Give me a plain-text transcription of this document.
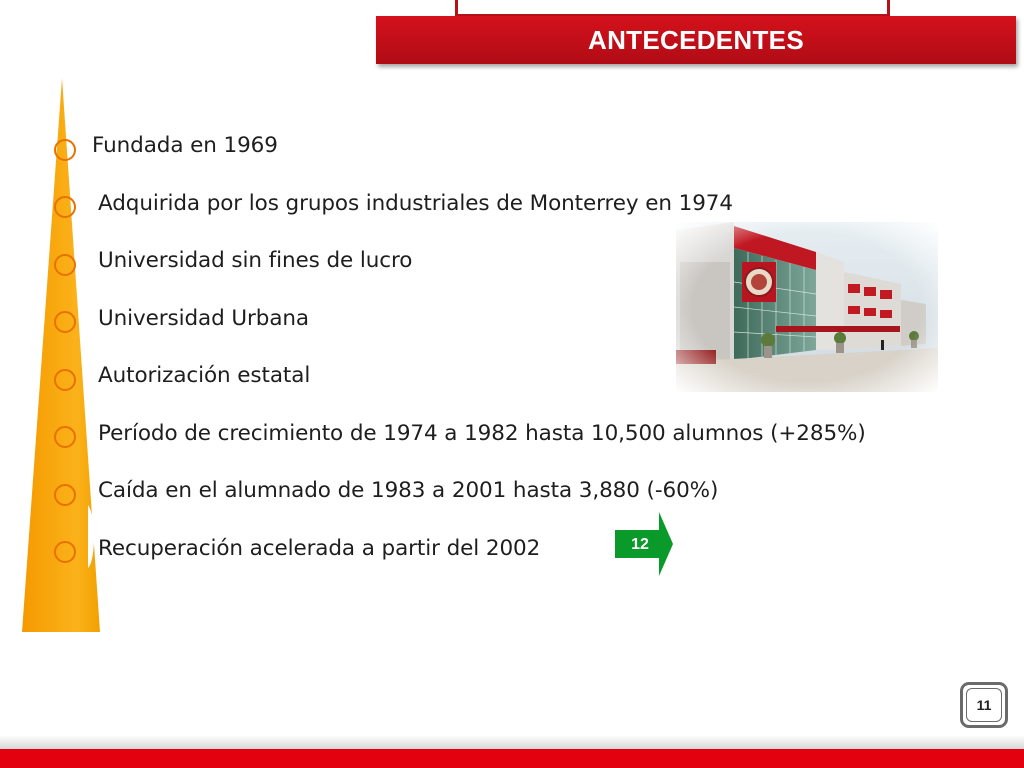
ANTECEDENTES
Fundada en 1969
Adquirida por los grupos industriales de Monterrey en 1974
Universidad sin fines de lucro
Universidad Urbana
Autorización estatal
Período de crecimiento de 1974 a 1982 hasta 10,500 alumnos (+285%)
Caída en el alumnado de 1983 a 2001 hasta 3,880 (-60%)
Recuperación acelerada a partir del 2002	12
11
